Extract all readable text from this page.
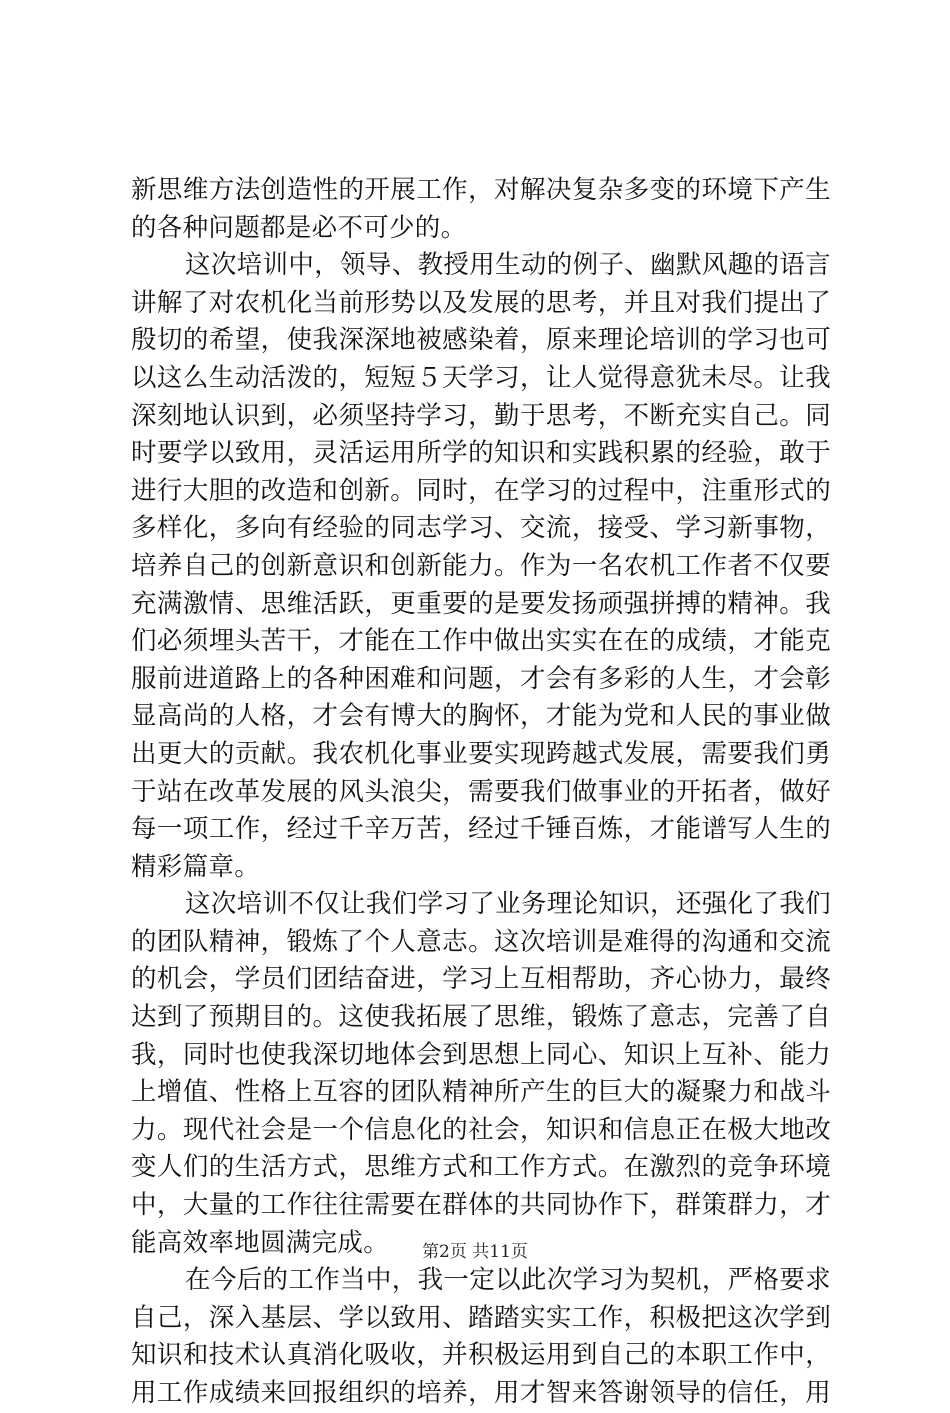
新思维方法创造性的开展工作，对解决复杂多变的环境下产生
的各种问题都是必不可少的。
这次培训中，领导、教授用生动的例子、幽默风趣的语言
讲解了对农机化当前形势以及发展的思考，并且对我们提出了
殷切的希望，使我深深地被感染着，原来理论培训的学习也可
以这么生动活泼的，短短５天学习，让人觉得意犹未尽。让我
深刻地认识到，必须坚持学习，勤于思考，不断充实自己。同
时要学以致用，灵活运用所学的知识和实践积累的经验，敢于
进行大胆的改造和创新。同时，在学习的过程中，注重形式的
多样化，多向有经验的同志学习、交流，接受、学习新事物，
培养自己的创新意识和创新能力。作为一名农机工作者不仅要
充满激情、思维活跃，更重要的是要发扬顽强拼搏的精神。我
们必须埋头苦干，才能在工作中做出实实在在的成绩，才能克
服前进道路上的各种困难和问题，才会有多彩的人生，才会彰
显高尚的人格，才会有博大的胸怀，才能为党和人民的事业做
出更大的贡献。我农机化事业要实现跨越式发展，需要我们勇
于站在改革发展的风头浪尖，需要我们做事业的开拓者，做好
每一项工作，经过千辛万苦，经过千锤百炼，才能谱写人生的
精彩篇章。
这次培训不仅让我们学习了业务理论知识，还强化了我们
的团队精神，锻炼了个人意志。这次培训是难得的沟通和交流
的机会，学员们团结奋进，学习上互相帮助，齐心协力，最终
达到了预期目的。这使我拓展了思维，锻炼了意志，完善了自
我，同时也使我深切地体会到思想上同心、知识上互补、能力
上增值、性格上互容的团队精神所产生的巨大的凝聚力和战斗
力。现代社会是一个信息化的社会，知识和信息正在极大地改
变人们的生活方式，思维方式和工作方式。在激烈的竞争环境
中，大量的工作往往需要在群体的共同协作下，群策群力，才
能高效率地圆满完成。
在今后的工作当中，我一定以此次学习为契机，严格要求
自己，深入基层、学以致用、踏踏实实工作，积极把这次学到
知识和技术认真消化吸收，并积极运用到自己的本职工作中，
用工作成绩来回报组织的培养，用才智来答谢领导的信任，用
第2页 共11页
